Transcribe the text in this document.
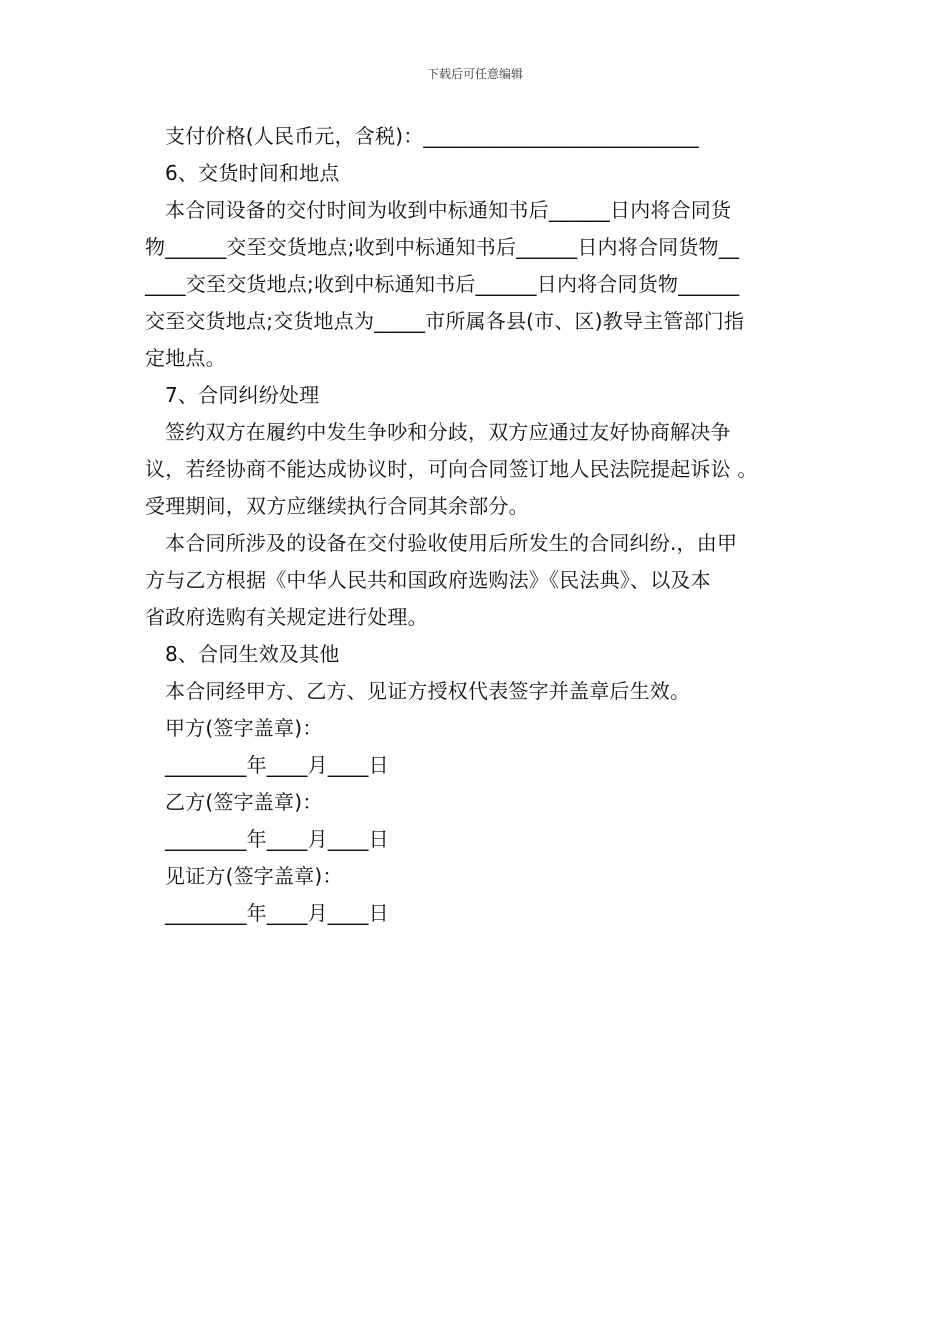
下载后可任意编辑
支付价格(人民币元，含税)：___________________________
6、交货时间和地点
本合同设备的交付时间为收到中标通知书后______日内将合同货
物______交至交货地点;收到中标通知书后______日内将合同货物__
____交至交货地点;收到中标通知书后______日内将合同货物______
交至交货地点;交货地点为_____市所属各县(市、区)教导主管部门指
定地点。
7、合同纠纷处理
签约双方在履约中发生争吵和分歧，双方应通过友好协商解决争
议，若经协商不能达成协议时，可向合同签订地人民法院提起诉讼 。
受理期间，双方应继续执行合同其余部分。
本合同所涉及的设备在交付验收使用后所发生的合同纠纷.，由甲
方与乙方根据《中华人民共和国政府选购法》《民法典》、以及本
省政府选购有关规定进行处理。
8、合同生效及其他
本合同经甲方、乙方、见证方授权代表签字并盖章后生效。
甲方(签字盖章)：
________年____月____日
乙方(签字盖章)：
________年____月____日
见证方(签字盖章)：
________年____月____日
